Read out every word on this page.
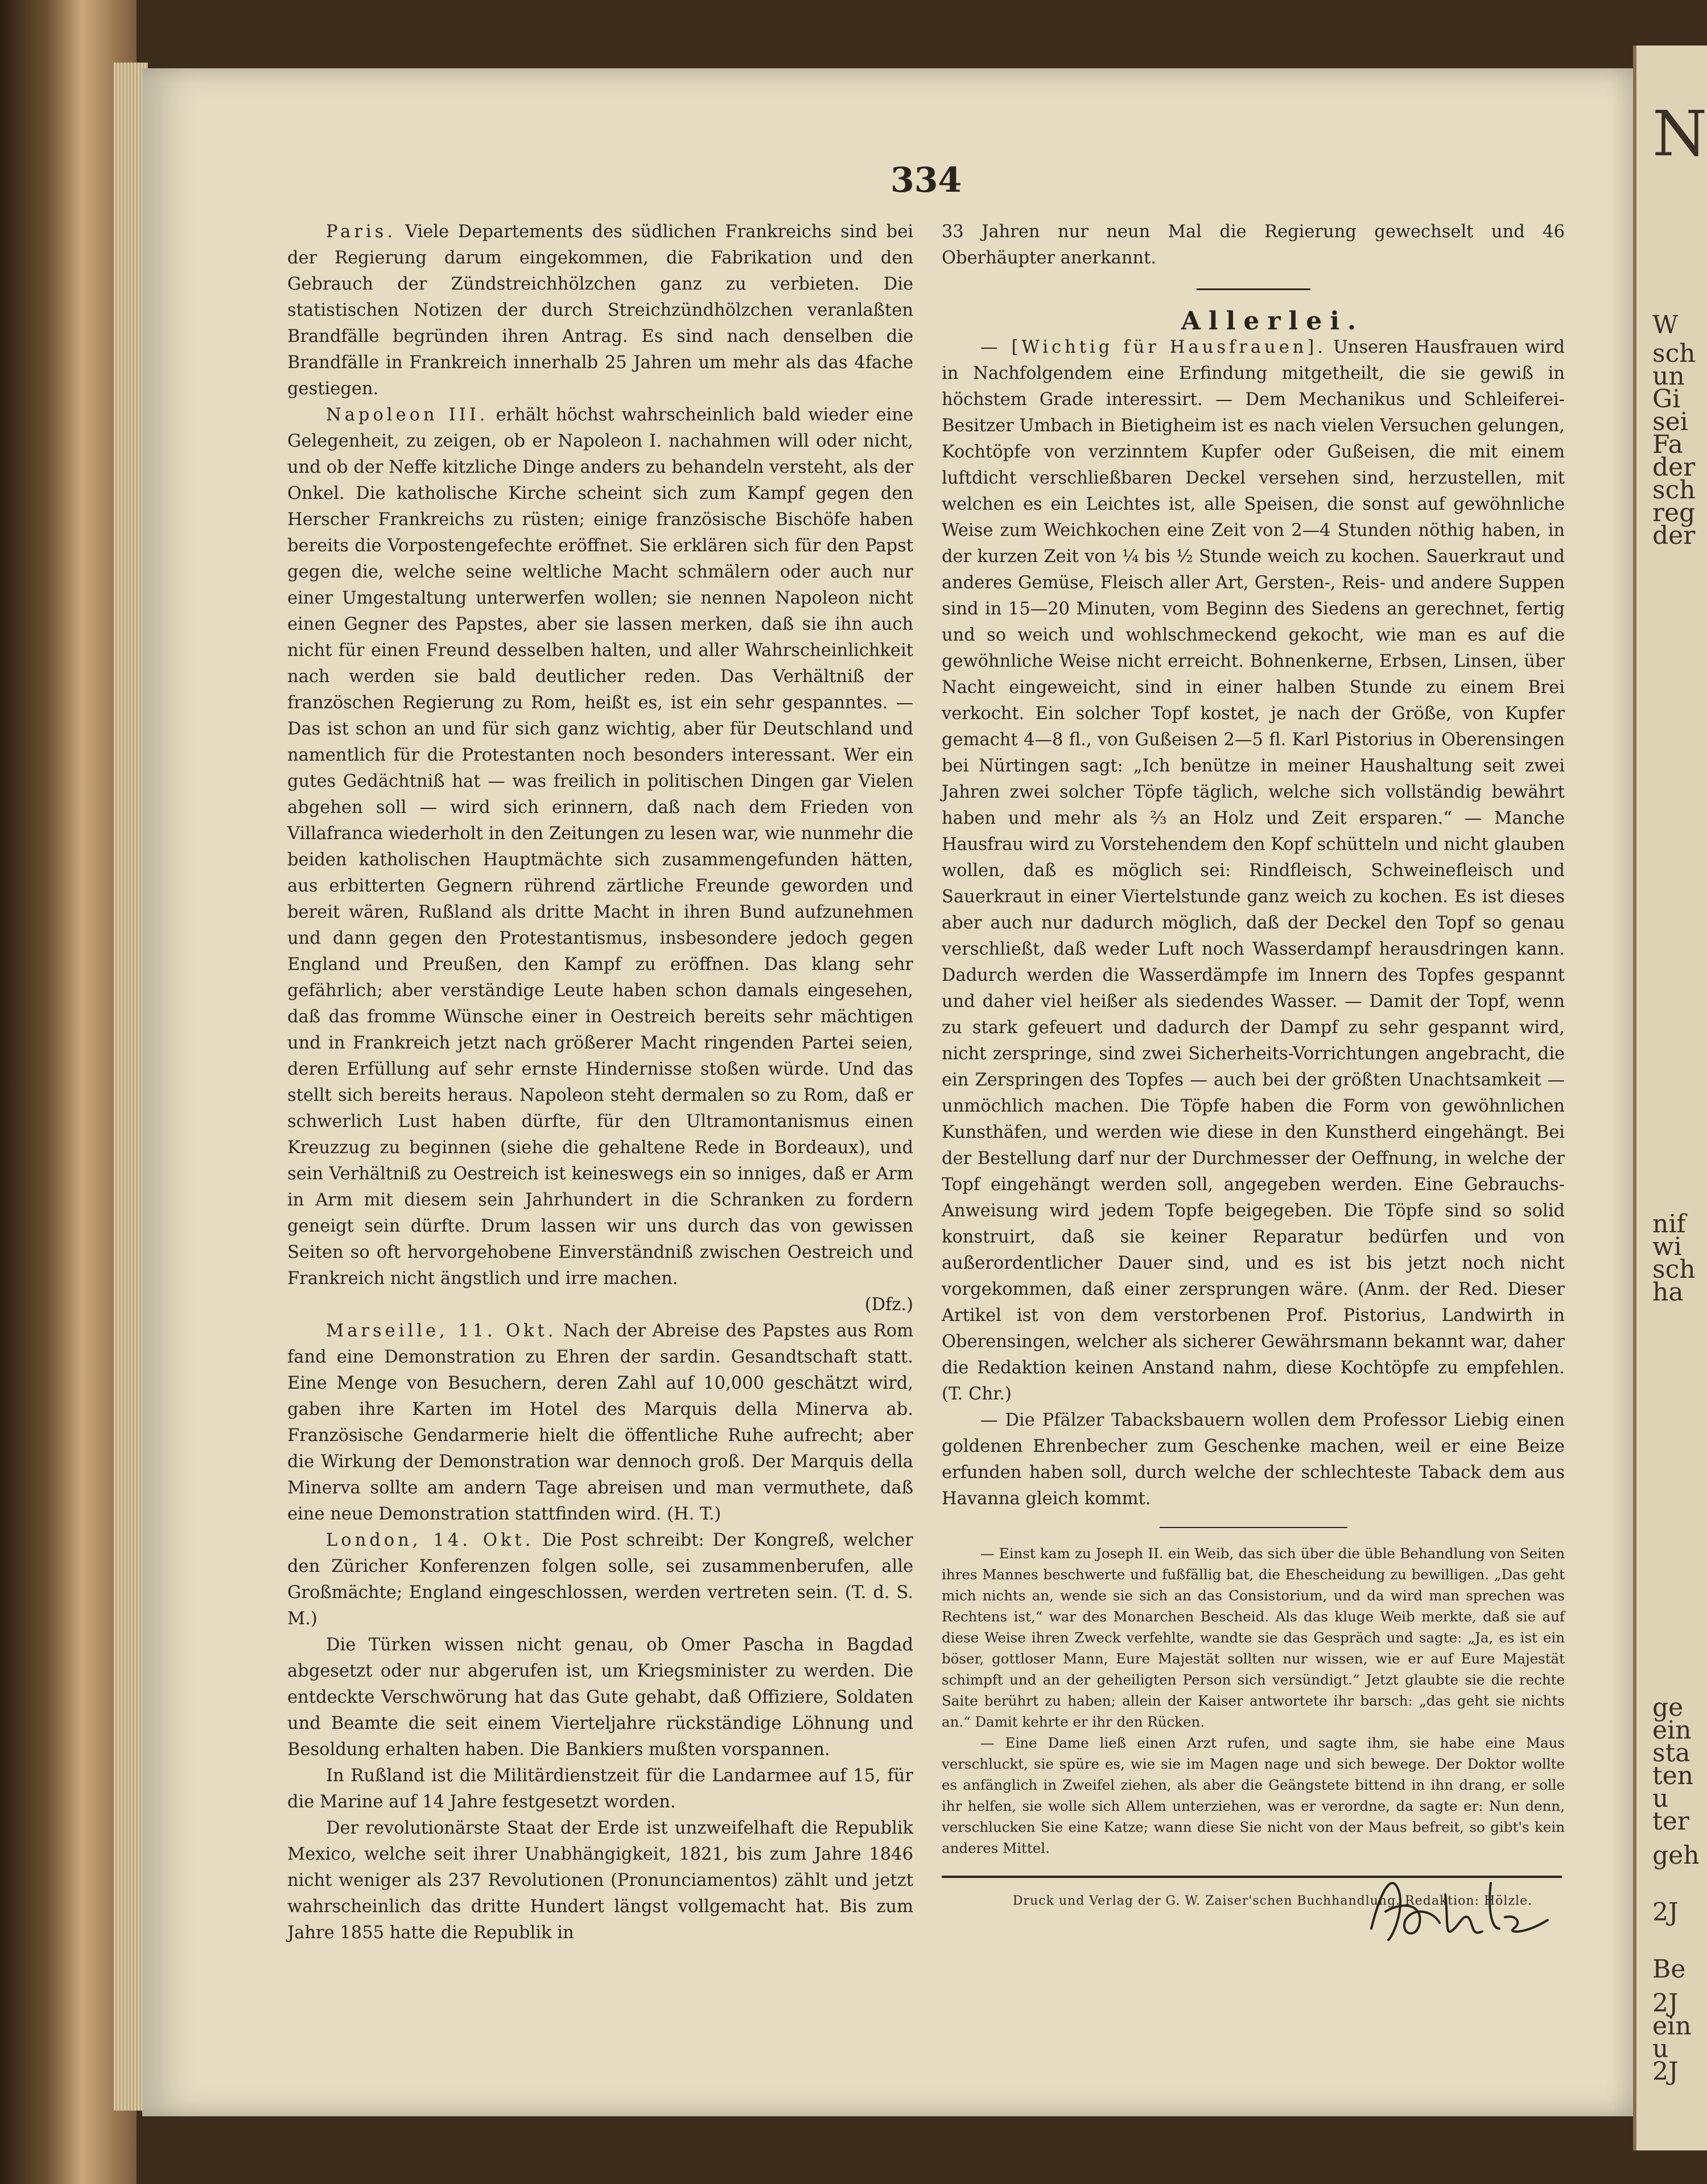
N
W
sch
un
Gi
sei
Fa
der
sch
reg
der
nif
wi
sch
ha
ge
ein
sta
ten
u
ter
geh
2J
Be
2J
ein
u
2J
334

Paris. Viele Departements des südlichen Frankreichs sind bei der Regierung darum eingekommen, die Fabrikation und den Gebrauch der Zündstreichhölzchen ganz zu verbieten. Die statistischen Notizen der durch Streichzündhölzchen veranlaßten Brandfälle begründen ihren Antrag. Es sind nach denselben die Brandfälle in Frankreich innerhalb 25 Jahren um mehr als das 4fache gestiegen.

Napoleon III. erhält höchst wahrscheinlich bald wieder eine Gelegenheit, zu zeigen, ob er Napoleon I. nachahmen will oder nicht, und ob der Neffe kitzliche Dinge anders zu behandeln versteht, als der Onkel. Die katholische Kirche scheint sich zum Kampf gegen den Herscher Frankreichs zu rüsten; einige französische Bischöfe haben bereits die Vorpostengefechte eröffnet. Sie erklären sich für den Papst gegen die, welche seine weltliche Macht schmälern oder auch nur einer Umgestaltung unterwerfen wollen; sie nennen Napoleon nicht einen Gegner des Papstes, aber sie lassen merken, daß sie ihn auch nicht für einen Freund desselben halten, und aller Wahrscheinlichkeit nach werden sie bald deutlicher reden. Das Verhältniß der französchen Regierung zu Rom, heißt es, ist ein sehr gespanntes. — Das ist schon an und für sich ganz wichtig, aber für Deutschland und namentlich für die Protestanten noch besonders interessant. Wer ein gutes Gedächtniß hat — was freilich in politischen Dingen gar Vielen abgehen soll — wird sich erinnern, daß nach dem Frieden von Villafranca wiederholt in den Zeitungen zu lesen war, wie nunmehr die beiden katholischen Hauptmächte sich zusammengefunden hätten, aus erbitterten Gegnern rührend zärtliche Freunde geworden und bereit wären, Rußland als dritte Macht in ihren Bund aufzunehmen und dann gegen den Protestantismus, insbesondere jedoch gegen England und Preußen, den Kampf zu eröffnen. Das klang sehr gefährlich; aber verständige Leute haben schon damals eingesehen, daß das fromme Wünsche einer in Oestreich bereits sehr mächtigen und in Frankreich jetzt nach größerer Macht ringenden Partei seien, deren Erfüllung auf sehr ernste Hindernisse stoßen würde. Und das stellt sich bereits heraus. Napoleon steht dermalen so zu Rom, daß er schwerlich Lust haben dürfte, für den Ultramontanismus einen Kreuzzug zu beginnen (siehe die gehaltene Rede in Bordeaux), und sein Verhältniß zu Oestreich ist keineswegs ein so inniges, daß er Arm in Arm mit diesem sein Jahrhundert in die Schranken zu fordern geneigt sein dürfte. Drum lassen wir uns durch das von gewissen Seiten so oft hervorgehobene Einverständniß zwischen Oestreich und Frankreich nicht ängstlich und irre machen.

(Dfz.)

Marseille, 11. Okt. Nach der Abreise des Papstes aus Rom fand eine Demonstration zu Ehren der sardin. Gesandtschaft statt. Eine Menge von Besuchern, deren Zahl auf 10,000 geschätzt wird, gaben ihre Karten im Hotel des Marquis della Minerva ab. Französische Gendarmerie hielt die öffentliche Ruhe aufrecht; aber die Wirkung der Demonstration war dennoch groß. Der Marquis della Minerva sollte am andern Tage abreisen und man vermuthete, daß eine neue Demonstration stattfinden wird. (H. T.)

London, 14. Okt. Die Post schreibt: Der Kongreß, welcher den Züricher Konferenzen folgen solle, sei zusammenberufen, alle Großmächte; England eingeschlossen, werden vertreten sein. (T. d. S. M.)

Die Türken wissen nicht genau, ob Omer Pascha in Bagdad abgesetzt oder nur abgerufen ist, um Kriegsminister zu werden. Die entdeckte Verschwörung hat das Gute gehabt, daß Offiziere, Soldaten und Beamte die seit einem Vierteljahre rückständige Löhnung und Besoldung erhalten haben. Die Bankiers mußten vorspannen.

In Rußland ist die Militärdienstzeit für die Landarmee auf 15, für die Marine auf 14 Jahre festgesetzt worden.

Der revolutionärste Staat der Erde ist unzweifelhaft die Republik Mexico, welche seit ihrer Unabhängigkeit, 1821, bis zum Jahre 1846 nicht weniger als 237 Revolutionen (Pronunciamentos) zählt und jetzt wahrscheinlich das dritte Hundert längst vollgemacht hat. Bis zum Jahre 1855 hatte die Republik in

33 Jahren nur neun Mal die Regierung gewechselt und 46 Oberhäupter anerkannt.

Allerlei.

— [Wichtig für Hausfrauen]. Unseren Hausfrauen wird in Nachfolgendem eine Erfindung mitgetheilt, die sie gewiß in höchstem Grade interessirt. — Dem Mechanikus und Schleiferei-Besitzer Umbach in Bietigheim ist es nach vielen Versuchen gelungen, Kochtöpfe von verzinntem Kupfer oder Gußeisen, die mit einem luftdicht verschließbaren Deckel versehen sind, herzustellen, mit welchen es ein Leichtes ist, alle Speisen, die sonst auf gewöhnliche Weise zum Weichkochen eine Zeit von 2—4 Stunden nöthig haben, in der kurzen Zeit von ¼ bis ½ Stunde weich zu kochen. Sauerkraut und anderes Gemüse, Fleisch aller Art, Gersten-, Reis- und andere Suppen sind in 15—20 Minuten, vom Beginn des Siedens an gerechnet, fertig und so weich und wohlschmeckend gekocht, wie man es auf die gewöhnliche Weise nicht erreicht. Bohnenkerne, Erbsen, Linsen, über Nacht eingeweicht, sind in einer halben Stunde zu einem Brei verkocht. Ein solcher Topf kostet, je nach der Größe, von Kupfer gemacht 4—8 fl., von Gußeisen 2—5 fl. Karl Pistorius in Oberensingen bei Nürtingen sagt: „Ich benütze in meiner Haushaltung seit zwei Jahren zwei solcher Töpfe täglich, welche sich vollständig bewährt haben und mehr als ⅔ an Holz und Zeit ersparen.“ — Manche Hausfrau wird zu Vorstehendem den Kopf schütteln und nicht glauben wollen, daß es möglich sei: Rindfleisch, Schweinefleisch und Sauerkraut in einer Viertelstunde ganz weich zu kochen. Es ist dieses aber auch nur dadurch möglich, daß der Deckel den Topf so genau verschließt, daß weder Luft noch Wasserdampf herausdringen kann. Dadurch werden die Wasserdämpfe im Innern des Topfes gespannt und daher viel heißer als siedendes Wasser. — Damit der Topf, wenn zu stark gefeuert und dadurch der Dampf zu sehr gespannt wird, nicht zerspringe, sind zwei Sicherheits-Vorrichtungen angebracht, die ein Zerspringen des Topfes — auch bei der größten Unachtsamkeit — unmöchlich machen. Die Töpfe haben die Form von gewöhnlichen Kunsthäfen, und werden wie diese in den Kunstherd eingehängt. Bei der Bestellung darf nur der Durchmesser der Oeffnung, in welche der Topf eingehängt werden soll, angegeben werden. Eine Gebrauchs-Anweisung wird jedem Topfe beigegeben. Die Töpfe sind so solid konstruirt, daß sie keiner Reparatur bedürfen und von außerordentlicher Dauer sind, und es ist bis jetzt noch nicht vorgekommen, daß einer zersprungen wäre. (Anm. der Red. Dieser Artikel ist von dem verstorbenen Prof. Pistorius, Landwirth in Oberensingen, welcher als sicherer Gewährsmann bekannt war, daher die Redaktion keinen Anstand nahm, diese Kochtöpfe zu empfehlen. (T. Chr.)

— Die Pfälzer Tabacksbauern wollen dem Professor Liebig einen goldenen Ehrenbecher zum Geschenke machen, weil er eine Beize erfunden haben soll, durch welche der schlechteste Taback dem aus Havanna gleich kommt.

— Einst kam zu Joseph II. ein Weib, das sich über die üble Behandlung von Seiten ihres Mannes beschwerte und fußfällig bat, die Ehescheidung zu bewilligen. „Das geht mich nichts an, wende sie sich an das Consistorium, und da wird man sprechen was Rechtens ist,“ war des Monarchen Bescheid. Als das kluge Weib merkte, daß sie auf diese Weise ihren Zweck verfehlte, wandte sie das Gespräch und sagte: „Ja, es ist ein böser, gottloser Mann, Eure Majestät sollten nur wissen, wie er auf Eure Majestät schimpft und an der geheiligten Person sich versündigt.“ Jetzt glaubte sie die rechte Saite berührt zu haben; allein der Kaiser antwortete ihr barsch: „das geht sie nichts an.“ Damit kehrte er ihr den Rücken.

— Eine Dame ließ einen Arzt rufen, und sagte ihm, sie habe eine Maus verschluckt, sie spüre es, wie sie im Magen nage und sich bewege. Der Doktor wollte es anfänglich in Zweifel ziehen, als aber die Geängstete bittend in ihn drang, er solle ihr helfen, sie wolle sich Allem unterziehen, was er verordne, da sagte er: Nun denn, verschlucken Sie eine Katze; wann diese Sie nicht von der Maus befreit, so gibt's kein anderes Mittel.

Druck und Verlag der G. W. Zaiser'schen Buchhandlung. Redaktion: Hölzle.
